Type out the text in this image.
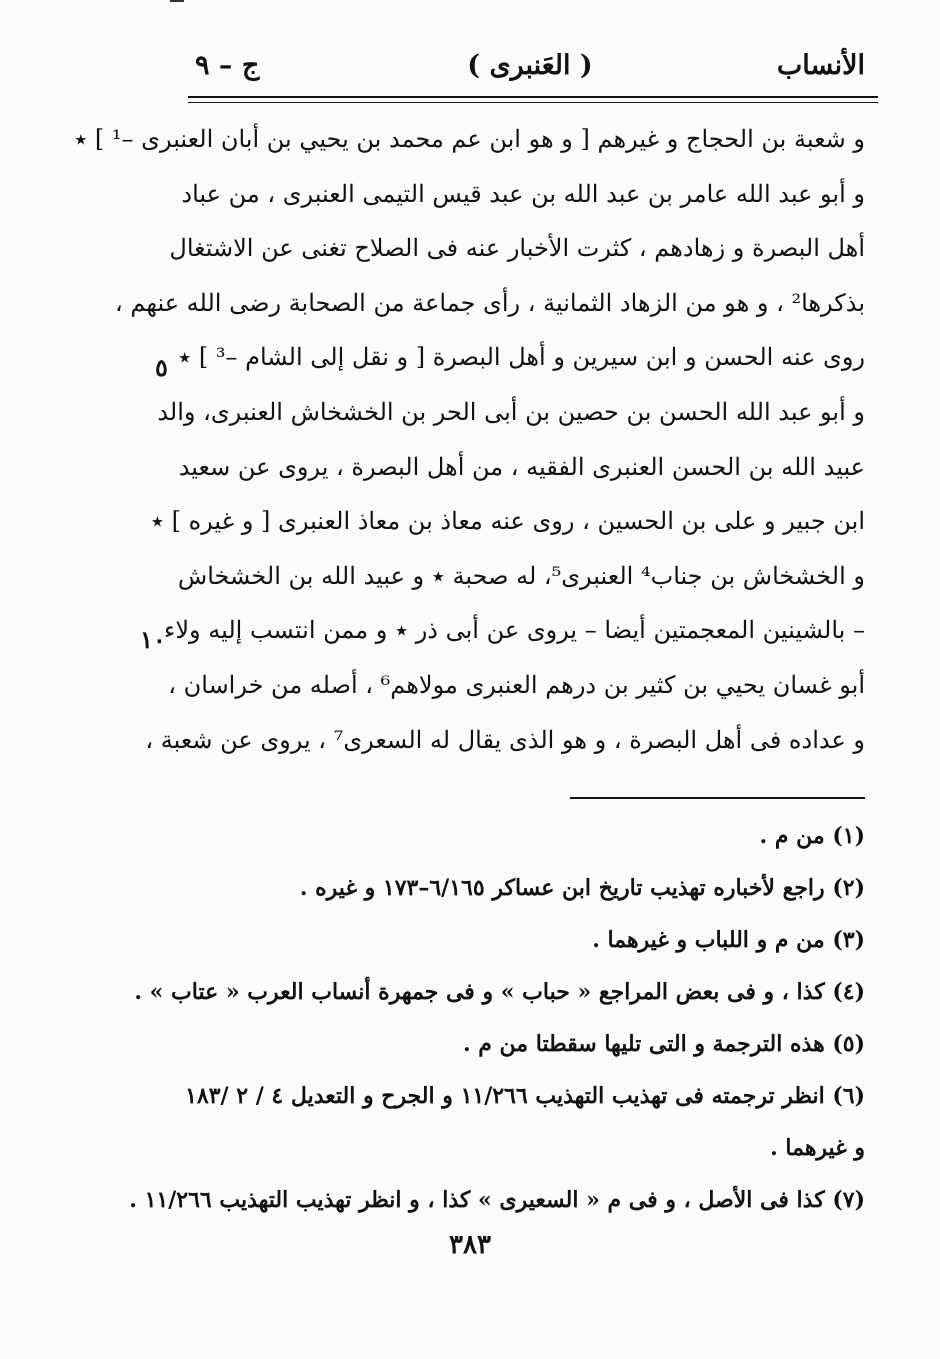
الأنساب
( العَنبرى )
ج – ٩
و شعبة بن الحجاج و غيرهم [ و هو ابن عم محمد بن يحيي بن أبان العنبرى –¹ ] ٭
و أبو عبد الله عامر بن عبد الله بن عبد قيس التيمى العنبرى ، من عباد
أهل البصرة و زهادهم ، كثرت الأخبار عنه فى الصلاح تغنى عن الاشتغال
بذكرها² ، و هو من الزهاد الثمانية ، رأى جماعة من الصحابة رضى الله عنهم ،
روى عنه الحسن و ابن سيرين و أهل البصرة [ و نقل إلى الشام –³ ] ٭
و أبو عبد الله الحسن بن حصين بن أبى الحر بن الخشخاش العنبرى، والد
عبيد الله بن الحسن العنبرى الفقيه ، من أهل البصرة ، يروى عن سعيد
ابن جبير و على بن الحسين ، روى عنه معاذ بن معاذ العنبرى [ و غيره ] ٭
و الخشخاش بن جناب⁴ العنبرى⁵، له صحبة ٭ و عبيد الله بن الخشخاش
– بالشينين المعجمتين أيضا – يروى عن أبى ذر ٭ و ممن انتسب إليه ولاء
أبو غسان يحيي بن كثير بن درهم العنبرى مولاهم⁶ ، أصله من خراسان ،
و عداده فى أهل البصرة ، و هو الذى يقال له السعرى⁷ ، يروى عن شعبة ،
٥
١٠
(١) من م .
(٢) راجع لأخباره تهذيب تاريخ ابن عساكر ٦/١٦٥–١٧٣ و غيره .
(٣) من م و اللباب و غيرهما .
(٤) كذا ، و فى بعض المراجع « حباب » و فى جمهرة أنساب العرب « عتاب » .
(٥) هذه الترجمة و التى تليها سقطتا من م .
(٦) انظر ترجمته فى تهذيب التهذيب ١١/٢٦٦ و الجرح و التعديل ٤ / ٢ /١٨٣
و غيرهما .
(٧) كذا فى الأصل ، و فى م « السعيرى » كذا ، و انظر تهذيب التهذيب ١١/٢٦٦ .
٣٨٣
